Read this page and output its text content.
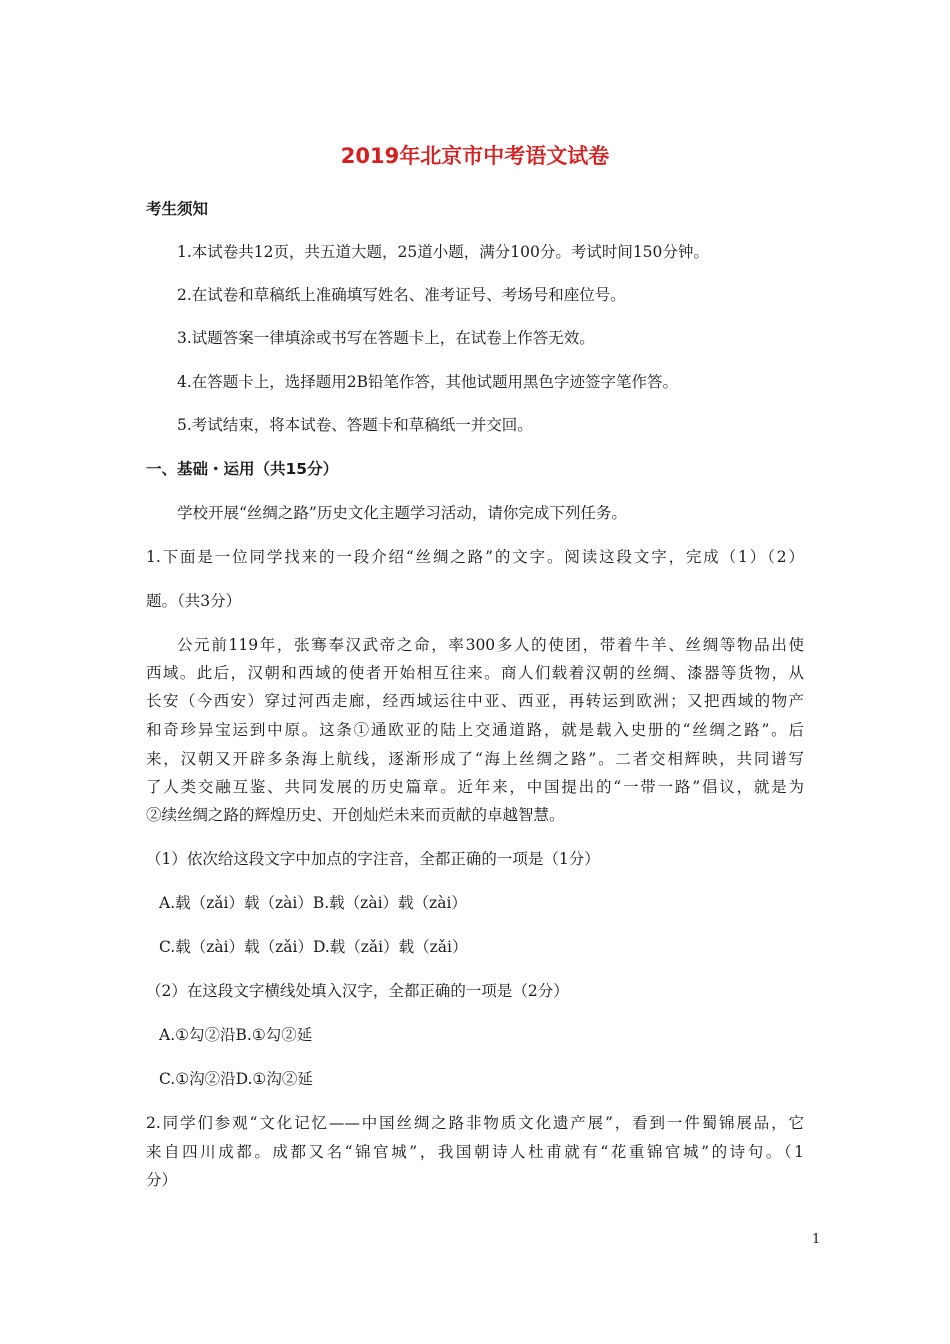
2019年北京市中考语文试卷
考生须知
1.本试卷共12页，共五道大题，25道小题，满分100分。考试时间150分钟。
2.在试卷和草稿纸上准确填写姓名、准考证号、考场号和座位号。
3.试题答案一律填涂或书写在答题卡上，在试卷上作答无效。
4.在答题卡上，选择题用2B铅笔作答，其他试题用黑色字迹签字笔作答。
5.考试结束，将本试卷、答题卡和草稿纸一并交回。
一、基础・运用（共15分）
学校开展“丝绸之路”历史文化主题学习活动，请你完成下列任务。
1.下面是一位同学找来的一段介绍“丝绸之路”的文字。阅读这段文字，完成（1）（2）
题。（共3分）
公元前119年，张骞奉汉武帝之命，率300多人的使团，带着牛羊、丝绸等物品出使
西域。此后，汉朝和西域的使者开始相互往来。商人们载着汉朝的丝绸、漆器等货物，从
长安（今西安）穿过河西走廊，经西域运往中亚、西亚，再转运到欧洲；又把西域的物产
和奇珍异宝运到中原。这条①通欧亚的陆上交通道路，就是载入史册的“丝绸之路”。后
来，汉朝又开辟多条海上航线，逐渐形成了“海上丝绸之路”。二者交相辉映，共同谱写
了人类交融互鉴、共同发展的历史篇章。近年来，中国提出的“一带一路”倡议，就是为
②续丝绸之路的辉煌历史、开创灿烂未来而贡献的卓越智慧。
（1）依次给这段文字中加点的字注音，全都正确的一项是（1分）
A.载（zǎi）载（zài）B.载（zài）载（zài）
C.载（zài）载（zǎi）D.载（zǎi）载（zǎi）
（2）在这段文字横线处填入汉字，全都正确的一项是（2分）
A.①勾②沿B.①勾②延
C.①沟②沿D.①沟②延
2.同学们参观“文化记忆——中国丝绸之路非物质文化遗产展”，看到一件蜀锦展品，它
来自四川成都。成都又名“锦官城”，我国朝诗人杜甫就有“花重锦官城”的诗句。（1
分）
1
